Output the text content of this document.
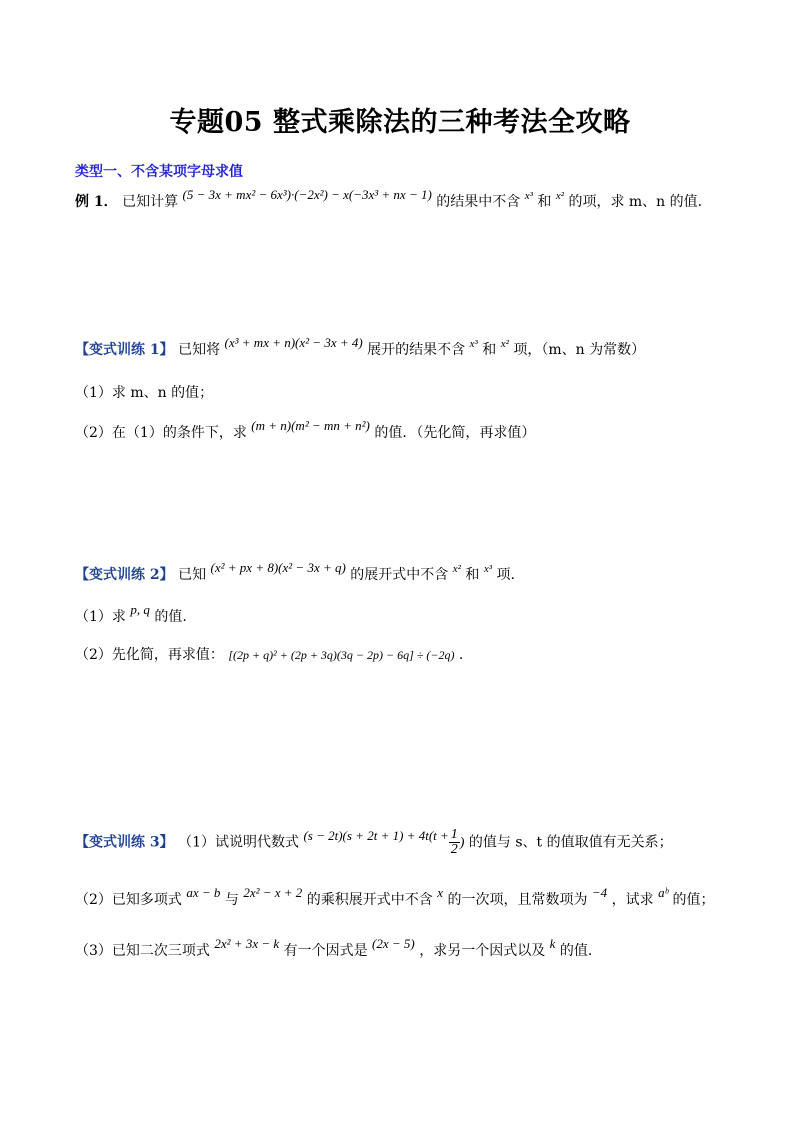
专题05 整式乘除法的三种考法全攻略
类型一、不含某项字母求值
例 1． 已知计算 (5 − 3x + mx² − 6x³)·(−2x²) − x(−3x³ + nx − 1) 的结果中不含 $^{x^3}$ 和 $^{x^2}$ 的项，求 m、n 的值.
【变式训练 1】 已知将 (x³ + mx + n)(x² − 3x + 4) 展开的结果不含 $^{x^3}$ 和 $^{x^2}$ 项，（m、n 为常数）
（1）求 m、n 的值；
（2）在（1）的条件下，求 (m + n)(m² − mn + n²) 的值．（先化简，再求值）
【变式训练 2】 已知 (x² + px + 8)(x² − 3x + q) 的展开式中不含 $^{x^2}$ 和 $^{x^3}$ 项.
（1）求 p, q 的值.
（2）先化简，再求值： [(2p + q)² + (2p + 3q)(3q − 2p) − 6q] ÷ (−2q) .
【变式训练 3】 （1）试说明代数式 $(s - 2t)(s + 2t + 1) + 4t(t + \frac{1}{2}$ ) 的值与 s、t 的值取值有无关系；
（2）已知多项式 ax − b 与 2x² − x + 2 的乘积展开式中不含 x 的一次项，且常数项为 −4 ，试求 aᵇ 的值；
（3）已知二次三项式 2x² + 3x − k 有一个因式是 (2x − 5) ，求另一个因式以及 k 的值.
